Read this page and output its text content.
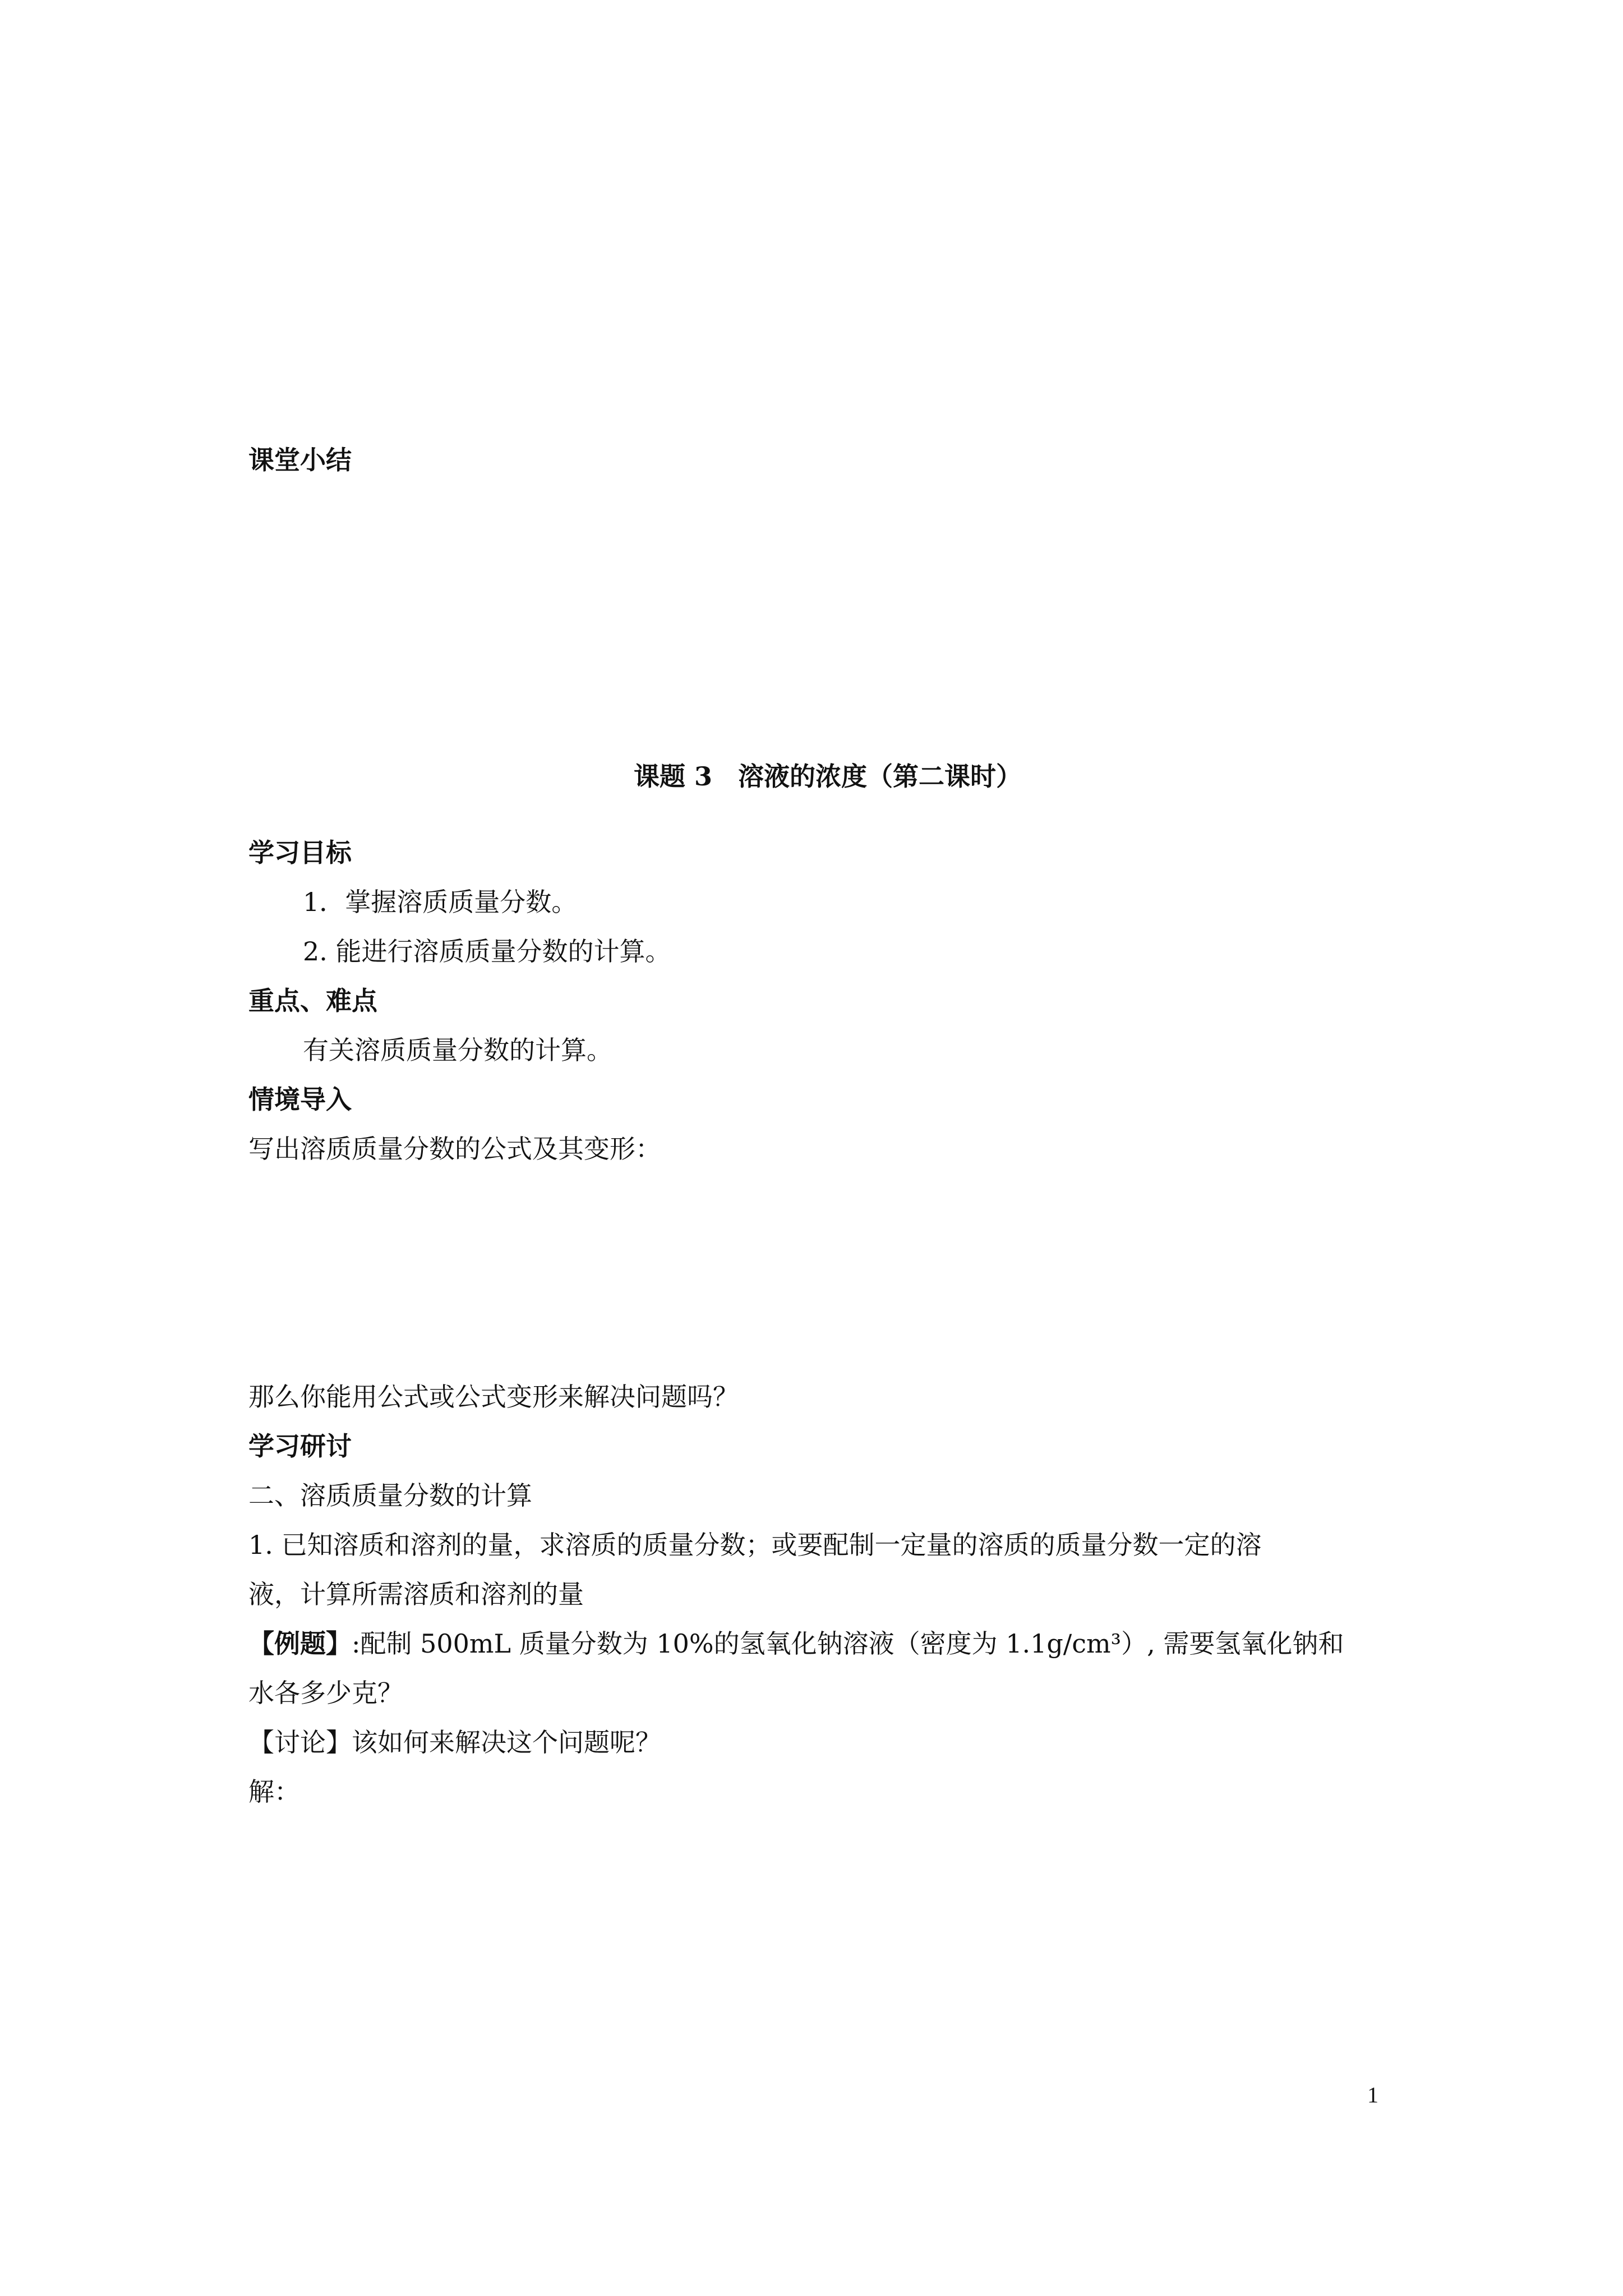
课堂小结
课题 3　溶液的浓度（第二课时）
学习目标
1．掌握溶质质量分数。
2. 能进行溶质质量分数的计算。
重点、难点
有关溶质质量分数的计算。
情境导入
写出溶质质量分数的公式及其变形：
那么你能用公式或公式变形来解决问题吗？
学习研讨
二、溶质质量分数的计算
1. 已知溶质和溶剂的量，求溶质的质量分数；或要配制一定量的溶质的质量分数一定的溶
液，计算所需溶质和溶剂的量
【例题】:配制 500mL 质量分数为 10%的氢氧化钠溶液（密度为 1.1g/cm³）, 需要氢氧化钠和
水各多少克？
【讨论】该如何来解决这个问题呢？
解：
1
